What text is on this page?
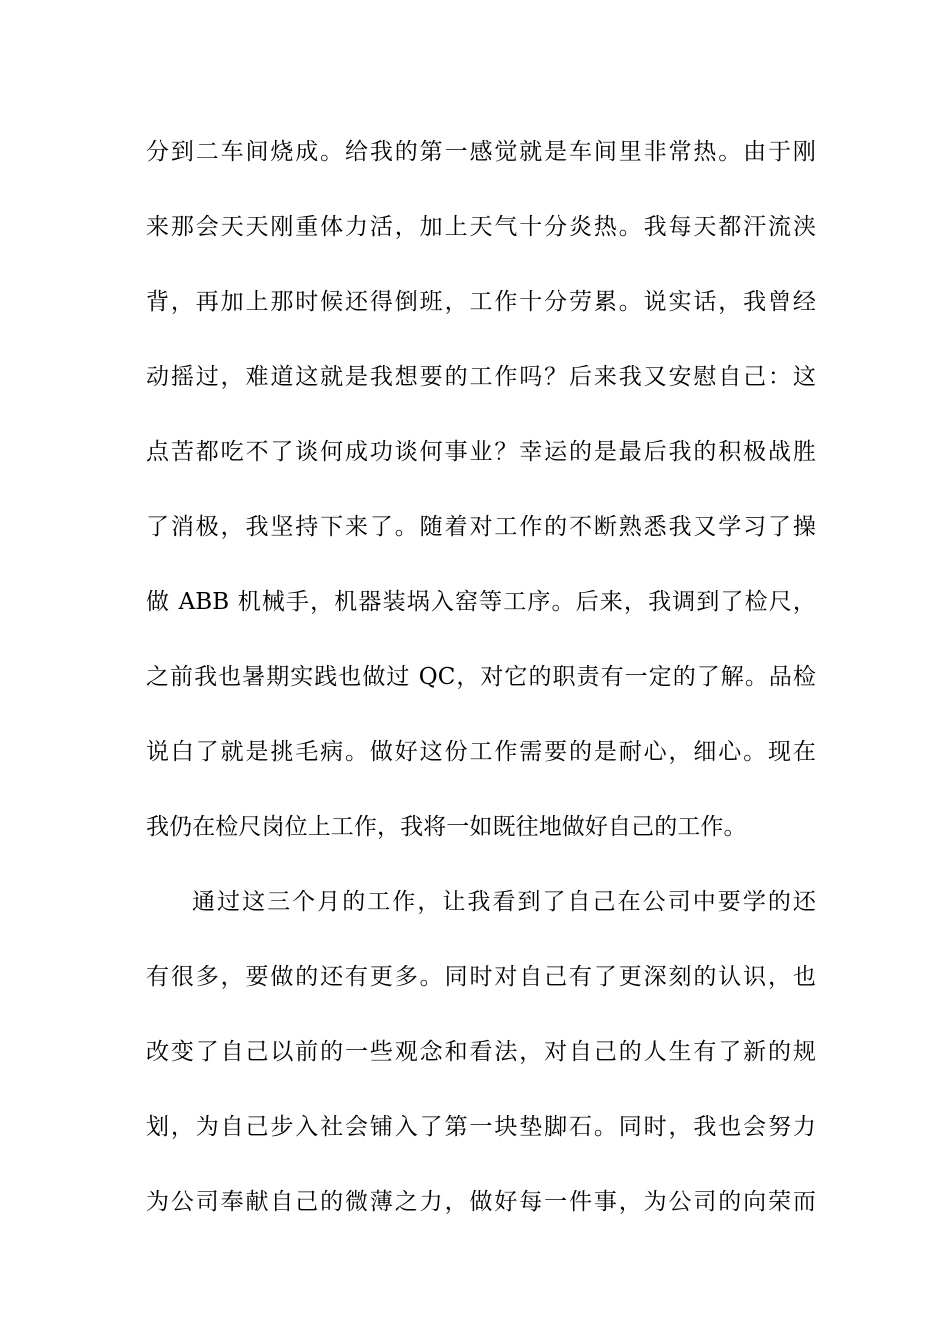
分到二车间烧成。给我的第一感觉就是车间里非常热。由于刚
来那会天天刚重体力活，加上天气十分炎热。我每天都汗流浃
背，再加上那时候还得倒班，工作十分劳累。说实话，我曾经
动摇过，难道这就是我想要的工作吗？后来我又安慰自己：这
点苦都吃不了谈何成功谈何事业？幸运的是最后我的积极战胜
了消极，我坚持下来了。随着对工作的不断熟悉我又学习了操
做 ABB 机械手，机器装埚入窑等工序。后来，我调到了检尺，
之前我也暑期实践也做过 QC，对它的职责有一定的了解。品检
说白了就是挑毛病。做好这份工作需要的是耐心，细心。现在
我仍在检尺岗位上工作，我将一如既往地做好自己的工作。
通过这三个月的工作，让我看到了自己在公司中要学的还
有很多，要做的还有更多。同时对自己有了更深刻的认识，也
改变了自己以前的一些观念和看法，对自己的人生有了新的规
划，为自己步入社会铺入了第一块垫脚石。同时，我也会努力
为公司奉献自己的微薄之力，做好每一件事，为公司的向荣而
